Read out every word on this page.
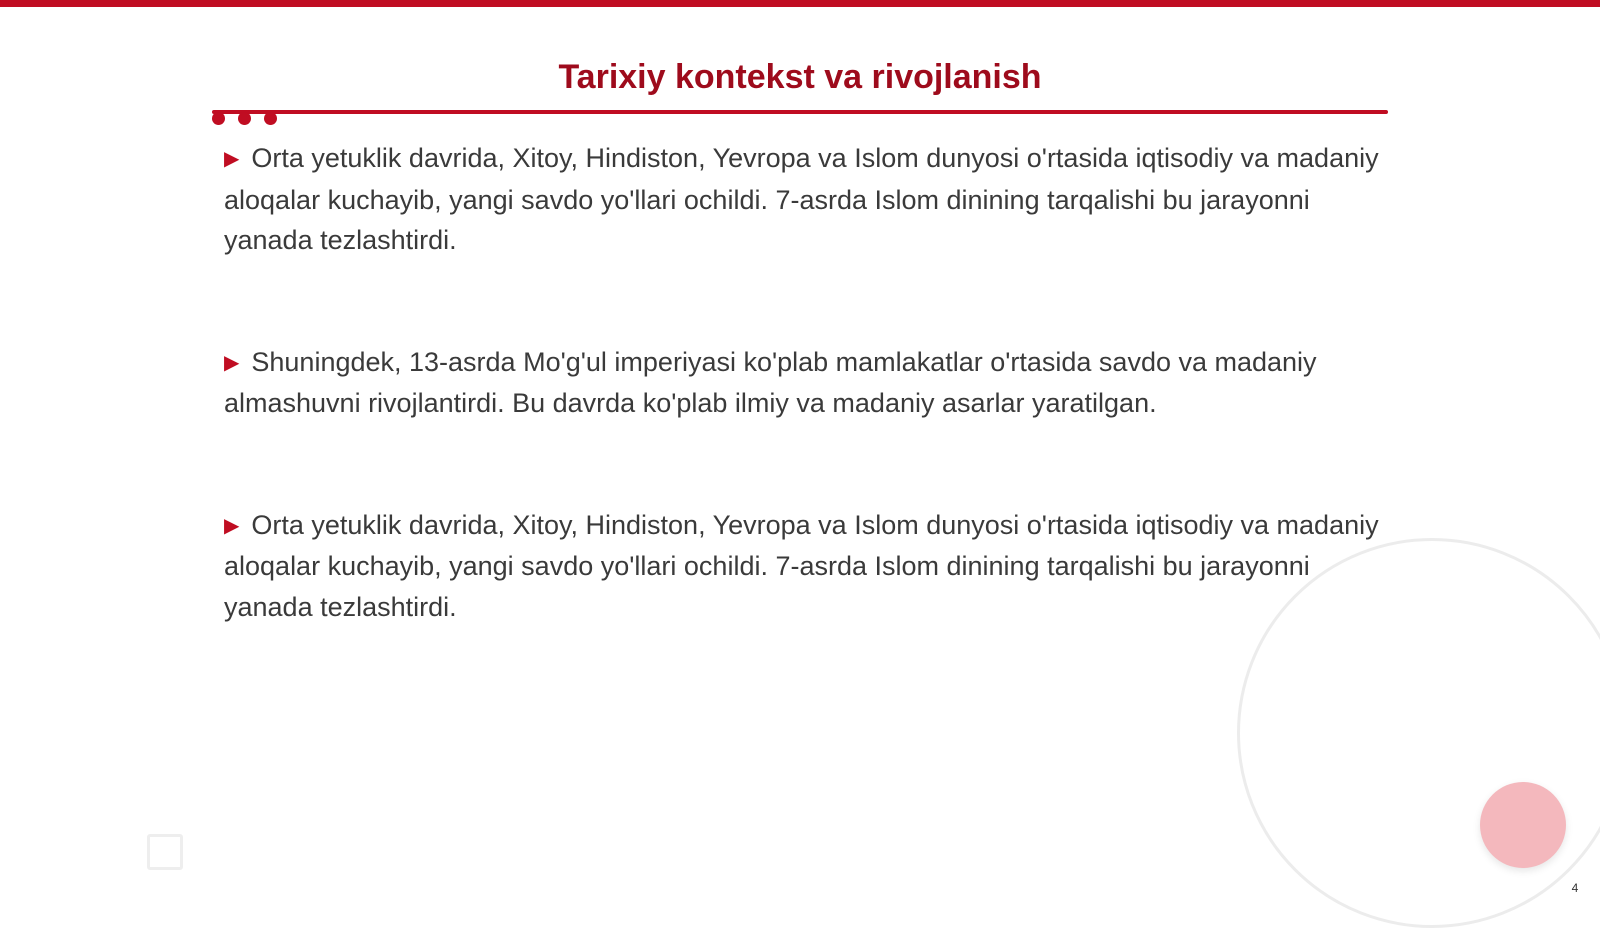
Tarixiy kontekst va rivojlanish

▶ Orta yetuklik davrida, Xitoy, Hindiston, Yevropa va Islom dunyosi o'rtasida iqtisodiy va madaniy aloqalar kuchayib, yangi savdo yo'llari ochildi. 7-asrda Islom dinining tarqalishi bu jarayonni yanada tezlashtirdi.

▶ Shuningdek, 13-asrda Mo'g'ul imperiyasi ko'plab mamlakatlar o'rtasida savdo va madaniy almashuvni rivojlantirdi. Bu davrda ko'plab ilmiy va madaniy asarlar yaratilgan.

▶ Orta yetuklik davrida, Xitoy, Hindiston, Yevropa va Islom dunyosi o'rtasida iqtisodiy va madaniy aloqalar kuchayib, yangi savdo yo'llari ochildi. 7-asrda Islom dinining tarqalishi bu jarayonni yanada tezlashtirdi.

4
